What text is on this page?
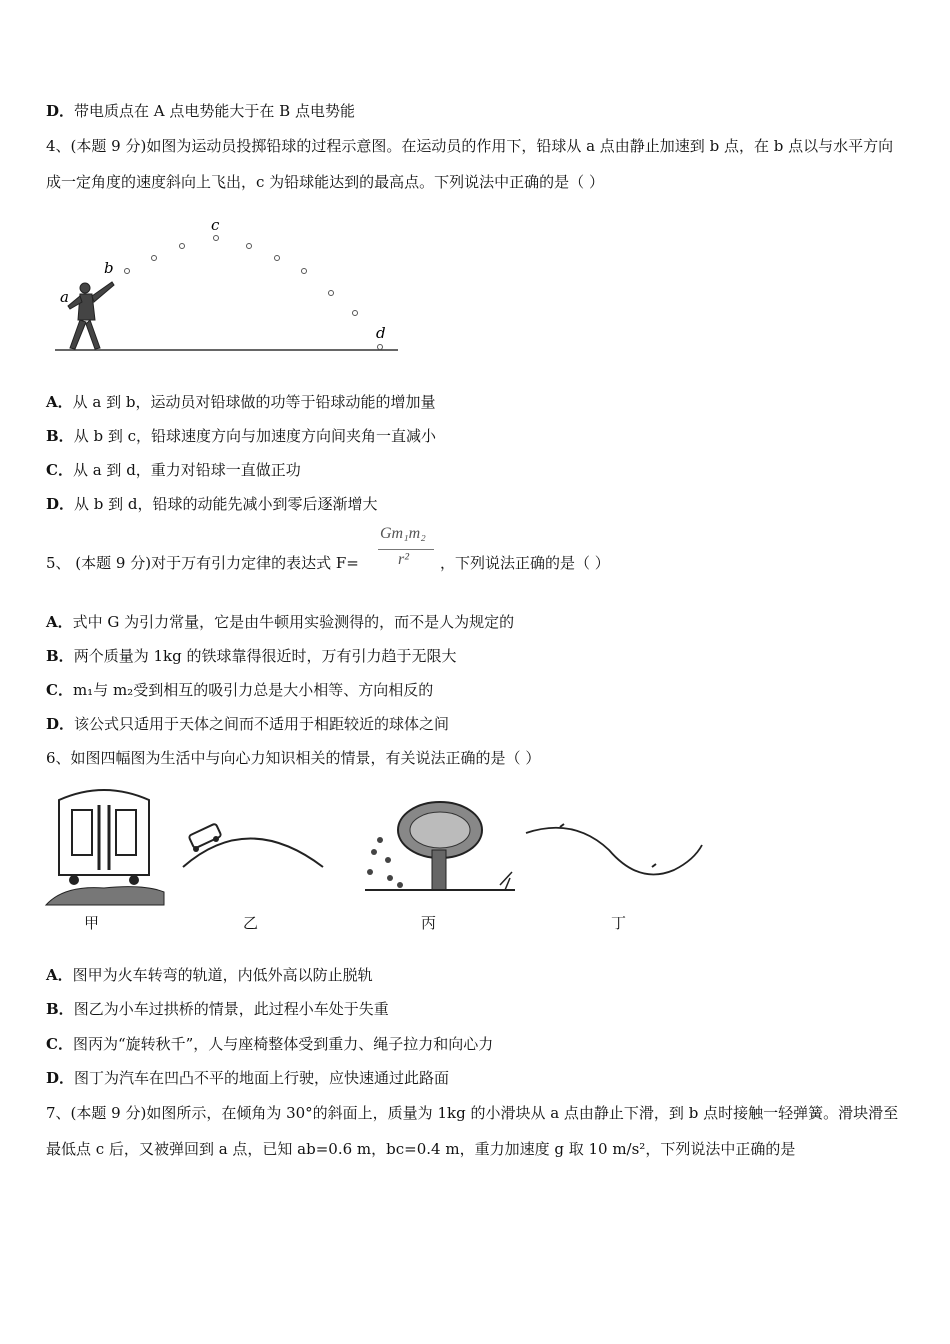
D．带电质点在 A 点电势能大于在 B 点电势能
4、(本题 9 分)如图为运动员投掷铅球的过程示意图。在运动员的作用下，铅球从 a 点由静止加速到 b 点，在 b 点以与水平方向成一定角度的速度斜向上飞出，c 为铅球能达到的最高点。下列说法中正确的是（ ）
a
b
c
d
A．从 a 到 b，运动员对铅球做的功等于铅球动能的增加量
B．从 b 到 c，铅球速度方向与加速度方向间夹角一直减小
C．从 a 到 d，重力对铅球一直做正功
D．从 b 到 d，铅球的动能先减小到零后逐渐增大
5、 (本题 9 分)对于万有引力定律的表达式 F=
Gm₁m₂
r² ，下列说法正确的是（ ）
A．式中 G 为引力常量，它是由牛顿用实验测得的，而不是人为规定的
B．两个质量为 1kg 的铁球靠得很近时，万有引力趋于无限大
C．m₁与 m₂受到相互的吸引力总是大小相等、方向相反的
D．该公式只适用于天体之间而不适用于相距较近的球体之间
6、如图四幅图为生活中与向心力知识相关的情景，有关说法正确的是（ ）
甲	乙	丙	丁
A．图甲为火车转弯的轨道，内低外高以防止脱轨
B．图乙为小车过拱桥的情景，此过程小车处于失重
C．图丙为“旋转秋千”，人与座椅整体受到重力、绳子拉力和向心力
D．图丁为汽车在凹凸不平的地面上行驶，应快速通过此路面
7、(本题 9 分)如图所示，在倾角为 30°的斜面上，质量为 1kg 的小滑块从 a 点由静止下滑，到 b 点时接触一轻弹簧。滑块滑至最低点 c 后，又被弹回到 a 点，已知 ab=0.6 m，bc=0.4 m，重力加速度 g 取 10 m/s²，下列说法中正确的是
